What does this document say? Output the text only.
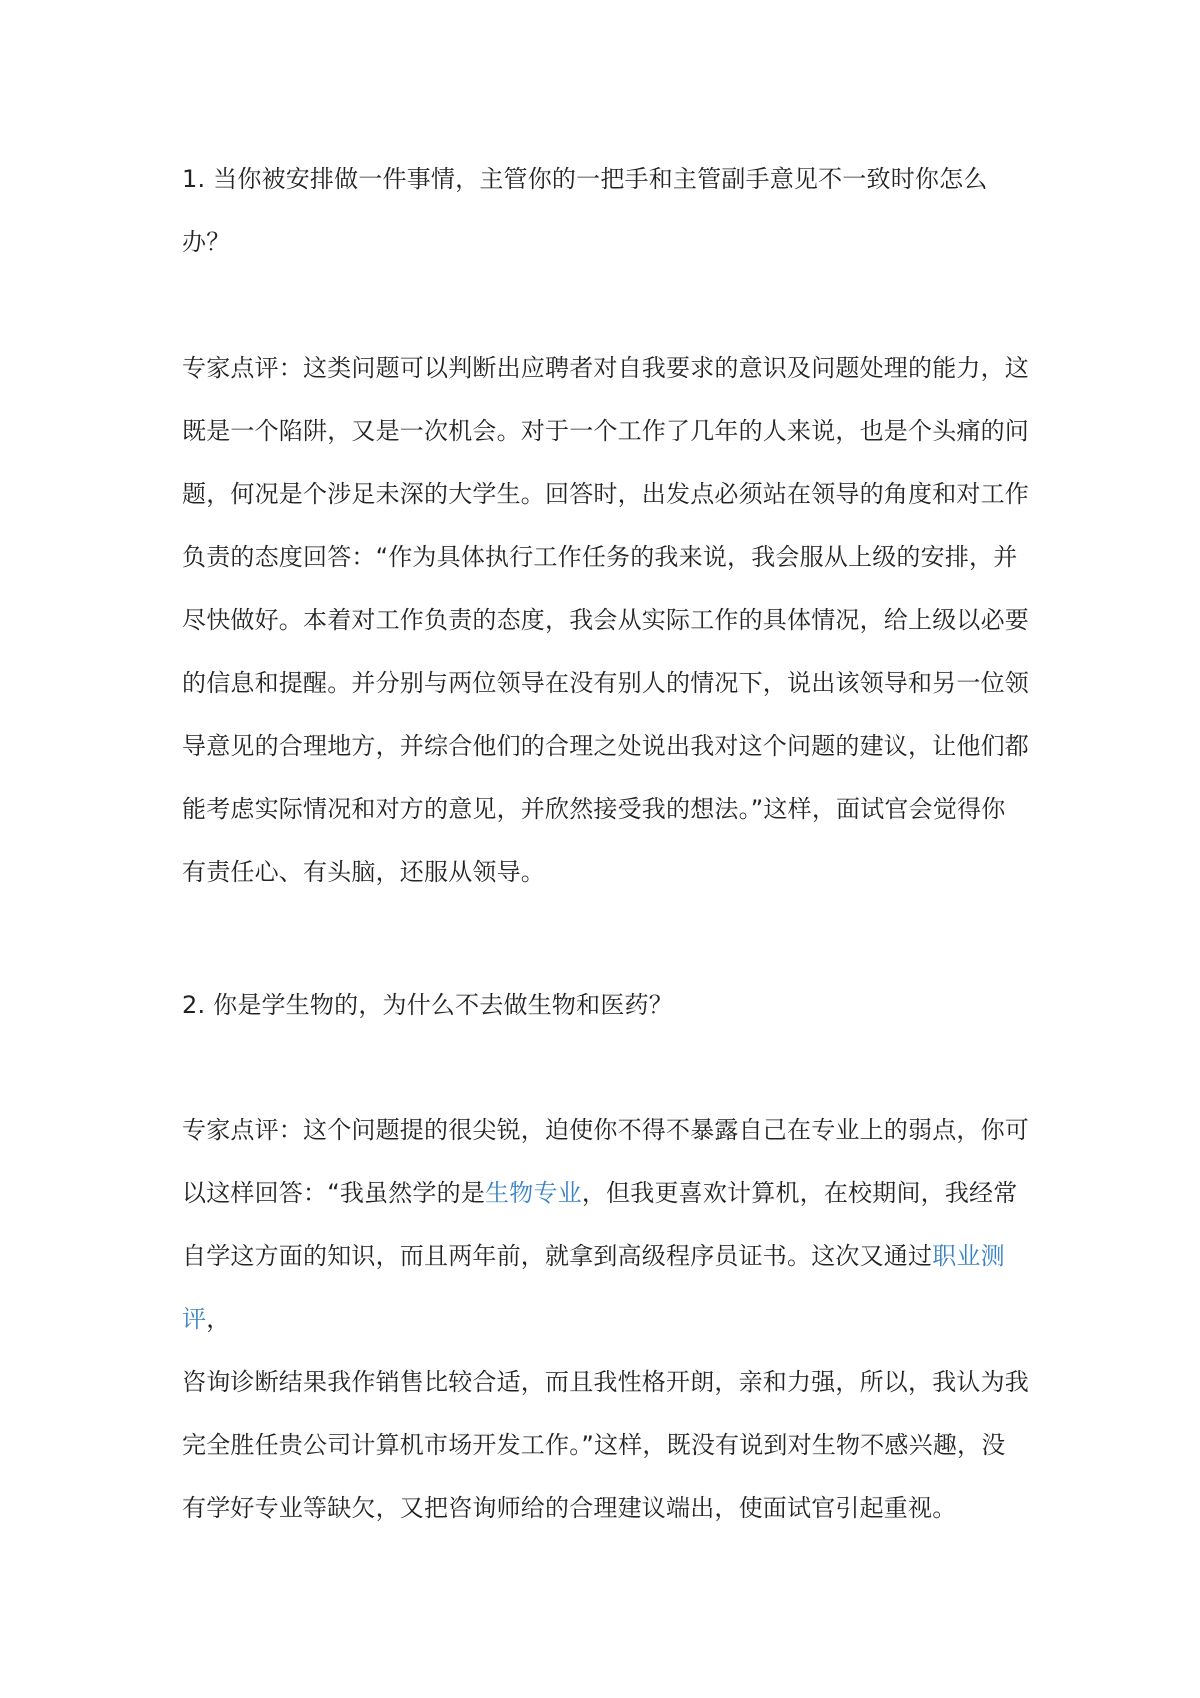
1. 当你被安排做一件事情，主管你的一把手和主管副手意见不一致时你怎么
办？

专家点评：这类问题可以判断出应聘者对自我要求的意识及问题处理的能力，这
既是一个陷阱，又是一次机会。对于一个工作了几年的人来说，也是个头痛的问
题，何况是个涉足未深的大学生。回答时，出发点必须站在领导的角度和对工作
负责的态度回答：“作为具体执行工作任务的我来说，我会服从上级的安排，并
尽快做好。本着对工作负责的态度，我会从实际工作的具体情况，给上级以必要
的信息和提醒。并分别与两位领导在没有别人的情况下，说出该领导和另一位领
导意见的合理地方，并综合他们的合理之处说出我对这个问题的建议，让他们都
能考虑实际情况和对方的意见，并欣然接受我的想法。”这样，面试官会觉得你
有责任心、有头脑，还服从领导。

2. 你是学生物的，为什么不去做生物和医药？

专家点评：这个问题提的很尖锐，迫使你不得不暴露自己在专业上的弱点，你可
以这样回答：“我虽然学的是生物专业，但我更喜欢计算机，在校期间，我经常
自学这方面的知识，而且两年前，就拿到高级程序员证书。这次又通过职业测评，
咨询诊断结果我作销售比较合适，而且我性格开朗，亲和力强，所以，我认为我
完全胜任贵公司计算机市场开发工作。”这样，既没有说到对生物不感兴趣，没
有学好专业等缺欠，又把咨询师给的合理建议端出，使面试官引起重视。
